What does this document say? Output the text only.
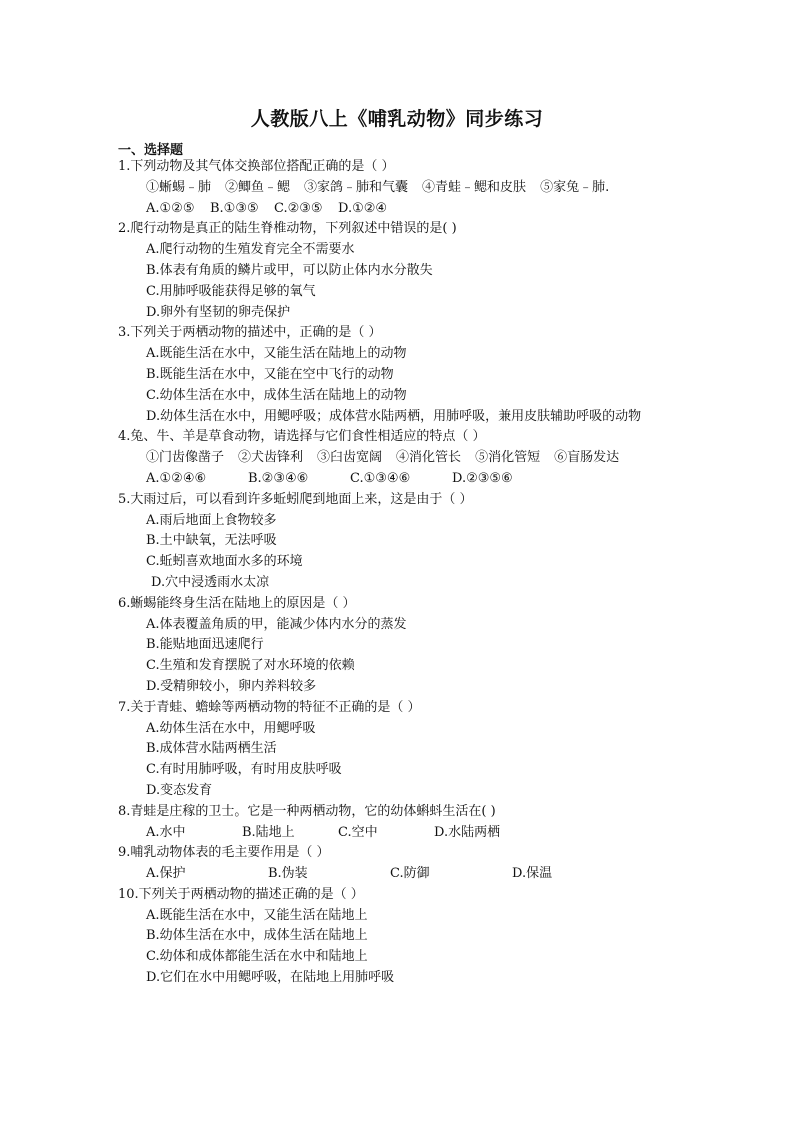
人教版八上《哺乳动物》同步练习
一、选择题
1.下列动物及其气体交换部位搭配正确的是（ ）
①蜥蜴﹣肺 ②鲫鱼﹣鳃 ③家鸽﹣肺和气囊 ④青蛙﹣鳃和皮肤 ⑤家兔﹣肺.
A.①②⑤ B.①③⑤ C.②③⑤ D.①②④
2.爬行动物是真正的陆生脊椎动物，下列叙述中错误的是( )
A.爬行动物的生殖发育完全不需要水
B.体表有角质的鳞片或甲，可以防止体内水分散失
C.用肺呼吸能获得足够的氧气
D.卵外有坚韧的卵壳保护
3.下列关于两栖动物的描述中，正确的是（ ）
A.既能生活在水中，又能生活在陆地上的动物
B.既能生活在水中，又能在空中飞行的动物
C.幼体生活在水中，成体生活在陆地上的动物
D.幼体生活在水中，用鳃呼吸；成体营水陆两栖，用肺呼吸，兼用皮肤辅助呼吸的动物
4.兔、牛、羊是草食动物，请选择与它们食性相适应的特点（ ）
①门齿像凿子 ②犬齿锋利 ③臼齿宽阔 ④消化管长 ⑤消化管短 ⑥盲肠发达
A.①②④⑥	B.②③④⑥	C.①③④⑥	D.②③⑤⑥
5.大雨过后，可以看到许多蚯蚓爬到地面上来，这是由于（ ）
A.雨后地面上食物较多
B.土中缺氧，无法呼吸
C.蚯蚓喜欢地面水多的环境
D.穴中浸透雨水太凉
6.蜥蜴能终身生活在陆地上的原因是（ ）
A.体表覆盖角质的甲，能减少体内水分的蒸发
B.能贴地面迅速爬行
C.生殖和发育摆脱了对水环境的依赖
D.受精卵较小，卵内养料较多
7.关于青蛙、蟾蜍等两栖动物的特征不正确的是（ ）
A.幼体生活在水中，用鳃呼吸
B.成体营水陆两栖生活
C.有时用肺呼吸，有时用皮肤呼吸
D.变态发育
8.青蛙是庄稼的卫士。它是一种两栖动物，它的幼体蝌蚪生活在( )
A.水中	B.陆地上	C.空中	D.水陆两栖
9.哺乳动物体表的毛主要作用是（ ）
A.保护	B.伪装	C.防御	D.保温
10.下列关于两栖动物的描述正确的是（ ）
A.既能生活在水中，又能生活在陆地上
B.幼体生活在水中，成体生活在陆地上
C.幼体和成体都能生活在水中和陆地上
D.它们在水中用鳃呼吸，在陆地上用肺呼吸
